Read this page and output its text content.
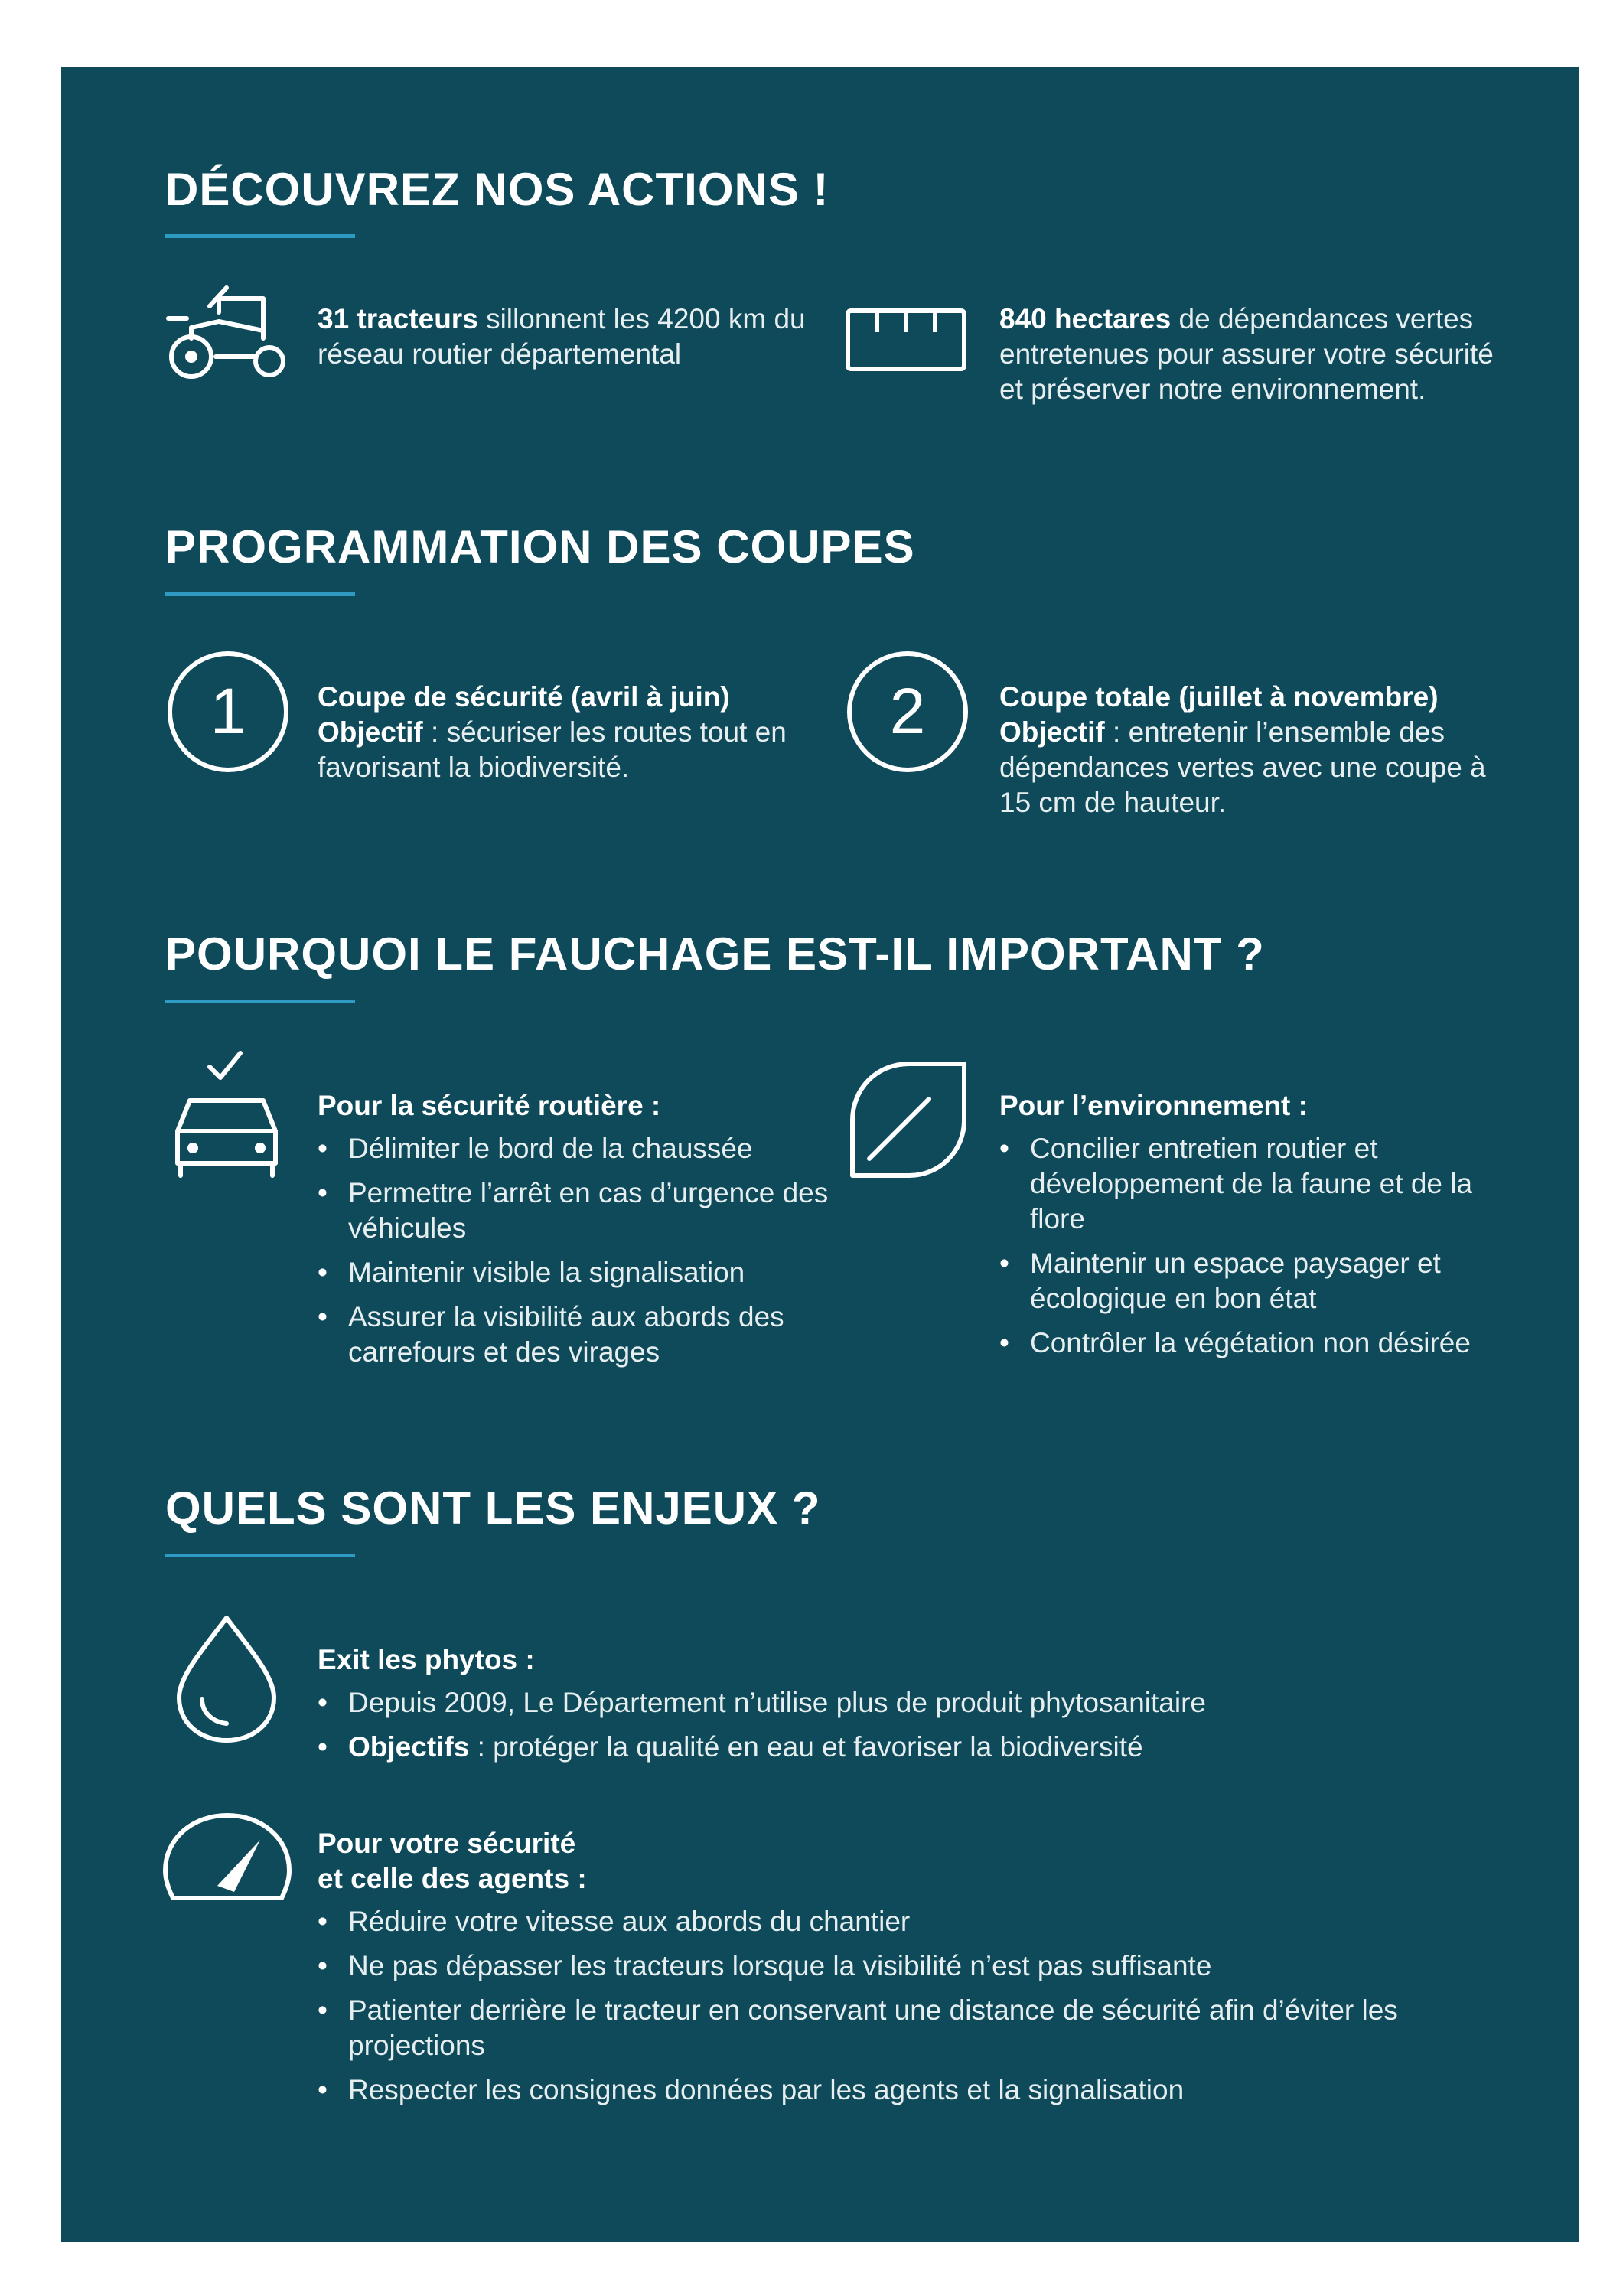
DÉCOUVREZ NOS ACTIONS !
31 tracteurs sillonnent les 4200 km du réseau routier départemental
840 hectares de dépendances vertes entretenues pour assurer votre sécurité et préserver notre environnement.
PROGRAMMATION DES COUPES
1	Coupe de sécurité (avril à juin)
Objectif : sécuriser les routes tout en favorisant la biodiversité.
2	Coupe totale (juillet à novembre)
Objectif : entretenir l’ensemble des dépendances vertes avec une coupe à 15 cm de hauteur.
POURQUOI LE FAUCHAGE EST-IL IMPORTANT ?
Pour la sécurité routière :
• Délimiter le bord de la chaussée
• Permettre l’arrêt en cas d’urgence des véhicules
• Maintenir visible la signalisation
• Assurer la visibilité aux abords des carrefours et des virages
Pour l’environnement :
• Concilier entretien routier et développement de la faune et de la flore
• Maintenir un espace paysager et écologique en bon état
• Contrôler la végétation non désirée
QUELS SONT LES ENJEUX ?
Exit les phytos :
• Depuis 2009, Le Département n’utilise plus de produit phytosanitaire
• Objectifs : protéger la qualité en eau et favoriser la biodiversité
Pour votre sécurité
et celle des agents :
• Réduire votre vitesse aux abords du chantier
• Ne pas dépasser les tracteurs lorsque la visibilité n’est pas suffisante
• Patienter derrière le tracteur en conservant une distance de sécurité afin d’éviter les projections
• Respecter les consignes données par les agents et la signalisation
